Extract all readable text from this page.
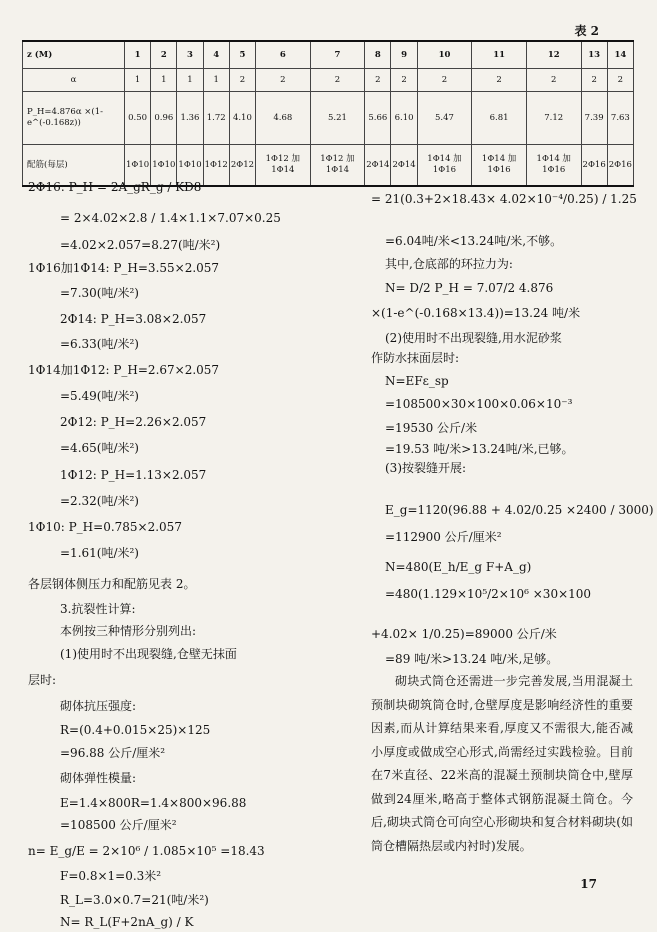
表 2
z (M)	1	2	3	4	5	6	7	8	9	10	11	12	13	14
α	1	1	1	1	2	2	2	2	2	2	2	2	2	2
P_H=4.876α ×(1-e^(-0.168z))	0.50	0.96	1.36	1.72	4.10	4.68	5.21	5.66	6.10	5.47	6.81	7.12	7.39	7.63
配筋(每层)	1Φ10	1Φ10	1Φ10	1Φ12	2Φ12	1Φ12 加1Φ14	1Φ12 加1Φ14	2Φ14	2Φ14	1Φ14 加1Φ16	1Φ14 加1Φ16	1Φ14 加1Φ16	2Φ16	2Φ16
2Φ16: P_H = 2A_gR_g / KD8
= 2×4.02×2.8 / 1.4×1.1×7.07×0.25
=4.02×2.057=8.27(吨/米²)
1Φ16加1Φ14: P_H=3.55×2.057
=7.30(吨/米²)
2Φ14: P_H=3.08×2.057
=6.33(吨/米²)
1Φ14加1Φ12: P_H=2.67×2.057
=5.49(吨/米²)
2Φ12: P_H=2.26×2.057
=4.65(吨/米²)
1Φ12: P_H=1.13×2.057
=2.32(吨/米²)
1Φ10: P_H=0.785×2.057
=1.61(吨/米²)
各层钢体侧压力和配筋见表 2。
3.抗裂性计算:
本例按三种情形分别列出:
(1)使用时不出现裂缝,仓壁无抹面
层时:
砌体抗压强度:
R=(0.4+0.015×25)×125
=96.88 公斤/厘米²
砌体弹性模量:
E=1.4×800R=1.4×800×96.88
=108500 公斤/厘米²
n= E_g/E = 2×10⁶ / 1.085×10⁵ =18.43
F=0.8×1=0.3米²
R_L=3.0×0.7=21(吨/米²)
N= R_L(F+2nA_g) / K
= 21(0.3+2×18.43× 4.02×10⁻⁴/0.25) / 1.25
=6.04吨/米<13.24吨/米,不够。
其中,仓底部的环拉力为:
N= D/2 P_H = 7.07/2 4.876
×(1-e^(-0.168×13.4))=13.24 吨/米
(2)使用时不出现裂缝,用水泥砂浆
作防水抹面层时:
N=EFε_sp
=108500×30×100×0.06×10⁻³
=19530 公斤/米
=19.53 吨/米>13.24吨/米,已够。
(3)按裂缝开展:
E_g=1120(96.88 + 4.02/0.25 ×2400 / 3000)
=112900 公斤/厘米²
N=480(E_h/E_g F+A_g)
=480(1.129×10⁵/2×10⁶ ×30×100
+4.02× 1/0.25)=89000 公斤/米
=89 吨/米>13.24 吨/米,足够。
砌块式筒仓还需进一步完善发展,当用混凝土预制块砌筑筒仓时,仓壁厚度是影响经济性的重要因素,而从计算结果来看,厚度又不需很大,能否减小厚度或做成空心形式,尚需经过实践检验。目前在7米直径、22米高的混凝土预制块筒仓中,壁厚做到24厘米,略高于整体式钢筋混凝土筒仓。今后,砌块式筒仓可向空心形砌块和复合材料砌块(如筒仓槽隔热层或内衬时)发展。
17
